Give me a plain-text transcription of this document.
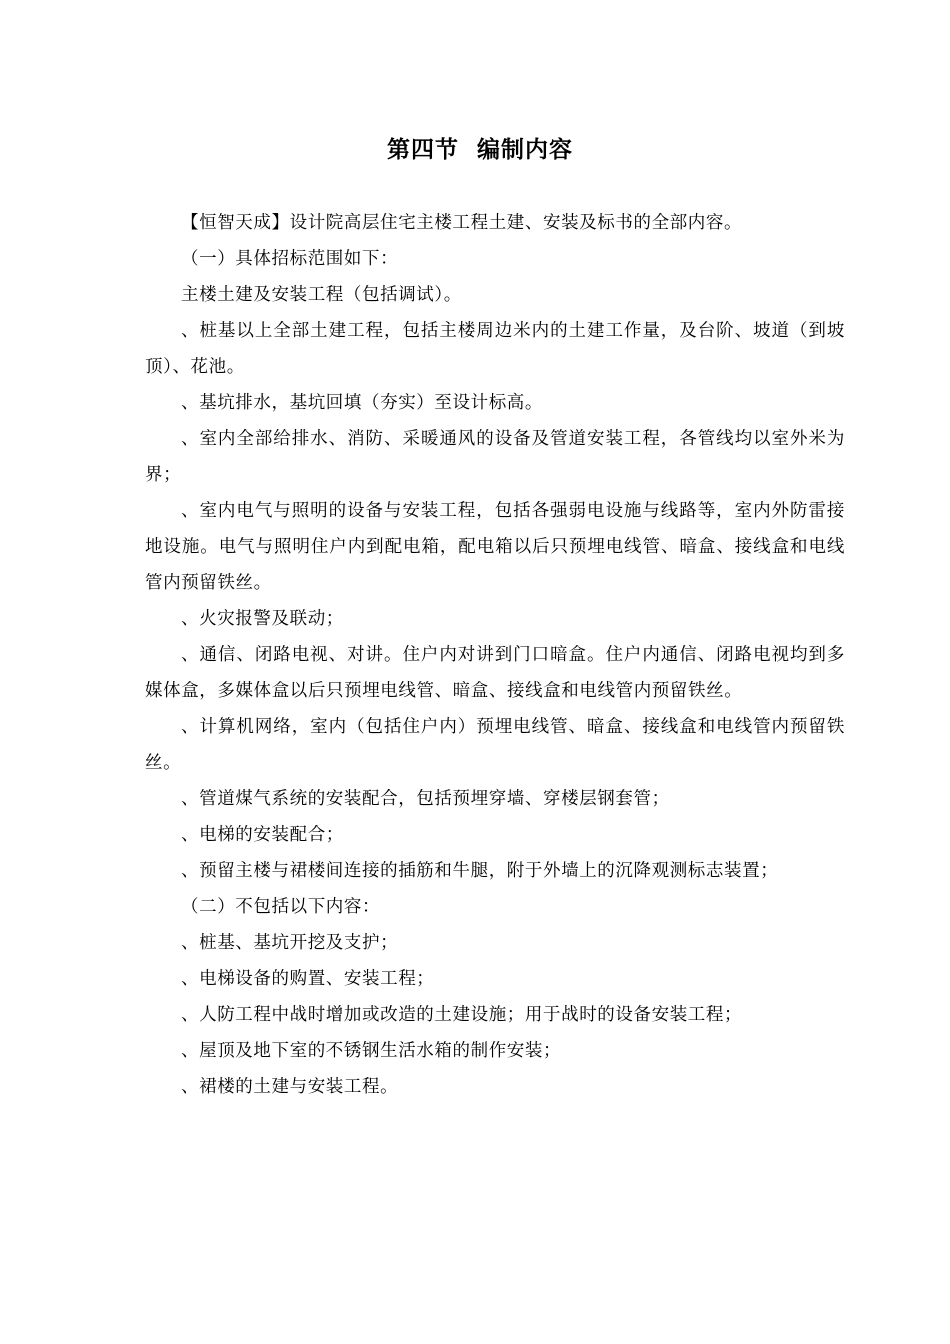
第四节  编制内容

【恒智天成】设计院高层住宅主楼工程土建、安装及标书的全部内容。

（一）具体招标范围如下：

主楼土建及安装工程（包括调试）。

、桩基以上全部土建工程，包括主楼周边米内的土建工作量，及台阶、坡道（到坡顶）、花池。

、基坑排水，基坑回填（夯实）至设计标高。

、室内全部给排水、消防、采暖通风的设备及管道安装工程，各管线均以室外米为界；

、室内电气与照明的设备与安装工程，包括各强弱电设施与线路等，室内外防雷接地设施。电气与照明住户内到配电箱，配电箱以后只预埋电线管、暗盒、接线盒和电线管内预留铁丝。

、火灾报警及联动；

、通信、闭路电视、对讲。住户内对讲到门口暗盒。住户内通信、闭路电视均到多媒体盒，多媒体盒以后只预埋电线管、暗盒、接线盒和电线管内预留铁丝。

、计算机网络，室内（包括住户内）预埋电线管、暗盒、接线盒和电线管内预留铁丝。

、管道煤气系统的安装配合，包括预埋穿墙、穿楼层钢套管；

、电梯的安装配合；

、预留主楼与裙楼间连接的插筋和牛腿，附于外墙上的沉降观测标志装置；

（二）不包括以下内容：

、桩基、基坑开挖及支护；

、电梯设备的购置、安装工程；

、人防工程中战时增加或改造的土建设施；用于战时的设备安装工程；

、屋顶及地下室的不锈钢生活水箱的制作安装；

、裙楼的土建与安装工程。
